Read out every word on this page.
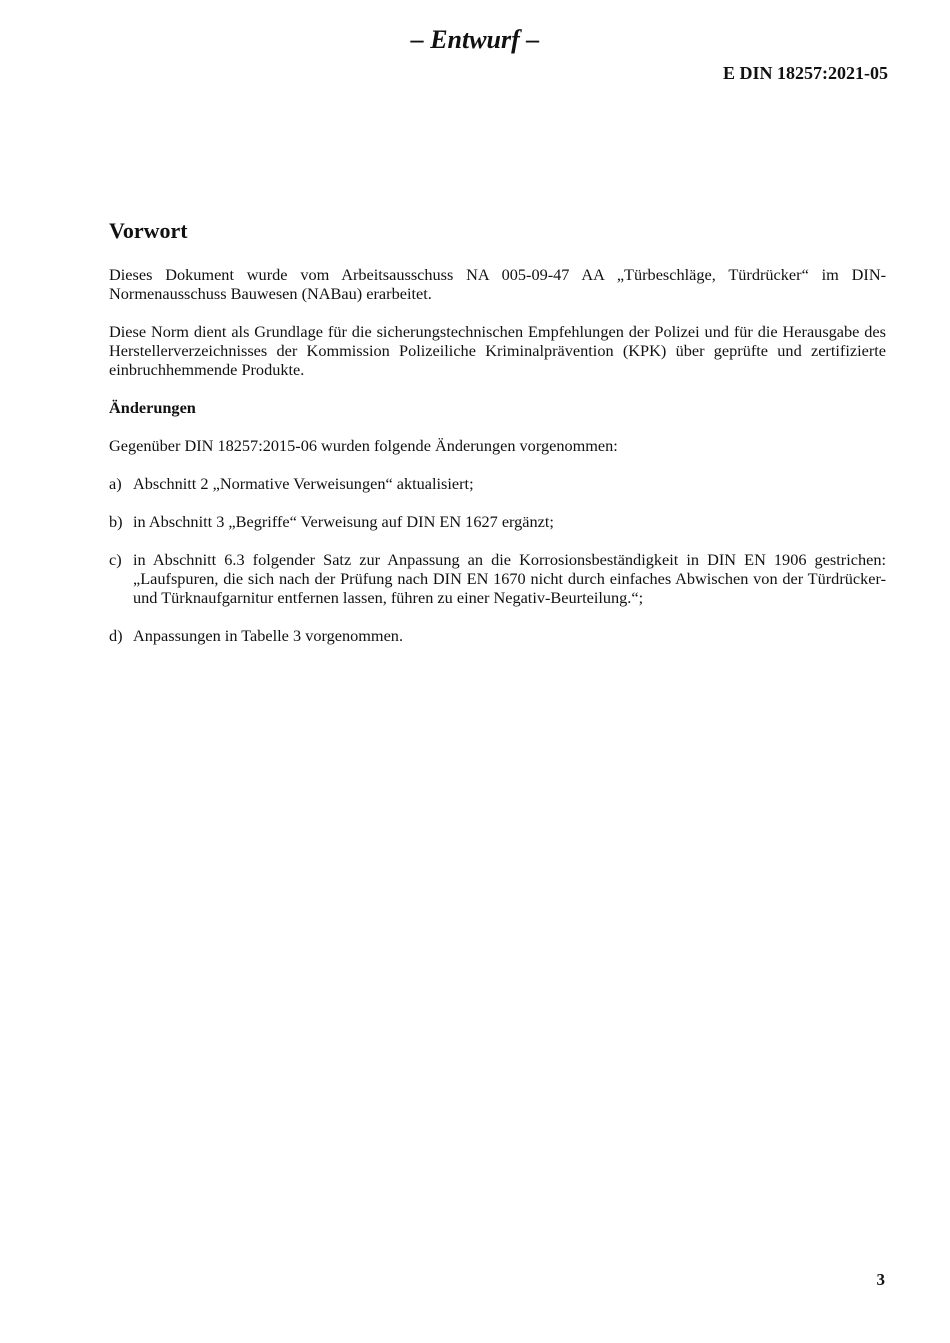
– Entwurf –
E DIN 18257:2021-05
Vorwort

Dieses Dokument wurde vom Arbeitsausschuss NA 005-09-47 AA „Türbeschläge, Türdrücker“ im DIN-Normenausschuss Bauwesen (NABau) erarbeitet.

Diese Norm dient als Grundlage für die sicherungstechnischen Empfehlungen der Polizei und für die Herausgabe des Herstellerverzeichnisses der Kommission Polizeiliche Kriminalprävention (KPK) über geprüfte und zertifizierte einbruchhemmende Produkte.

Änderungen

Gegenüber DIN 18257:2015-06 wurden folgende Änderungen vorgenommen:

a) Abschnitt 2 „Normative Verweisungen“ aktualisiert;
b) in Abschnitt 3 „Begriffe“ Verweisung auf DIN EN 1627 ergänzt;
c) in Abschnitt 6.3 folgender Satz zur Anpassung an die Korrosionsbeständigkeit in DIN EN 1906 gestrichen: „Laufspuren, die sich nach der Prüfung nach DIN EN 1670 nicht durch einfaches Abwischen von der Türdrücker- und Türknaufgarnitur entfernen lassen, führen zu einer Negativ-Beurteilung.“;
d) Anpassungen in Tabelle 3 vorgenommen.
3
